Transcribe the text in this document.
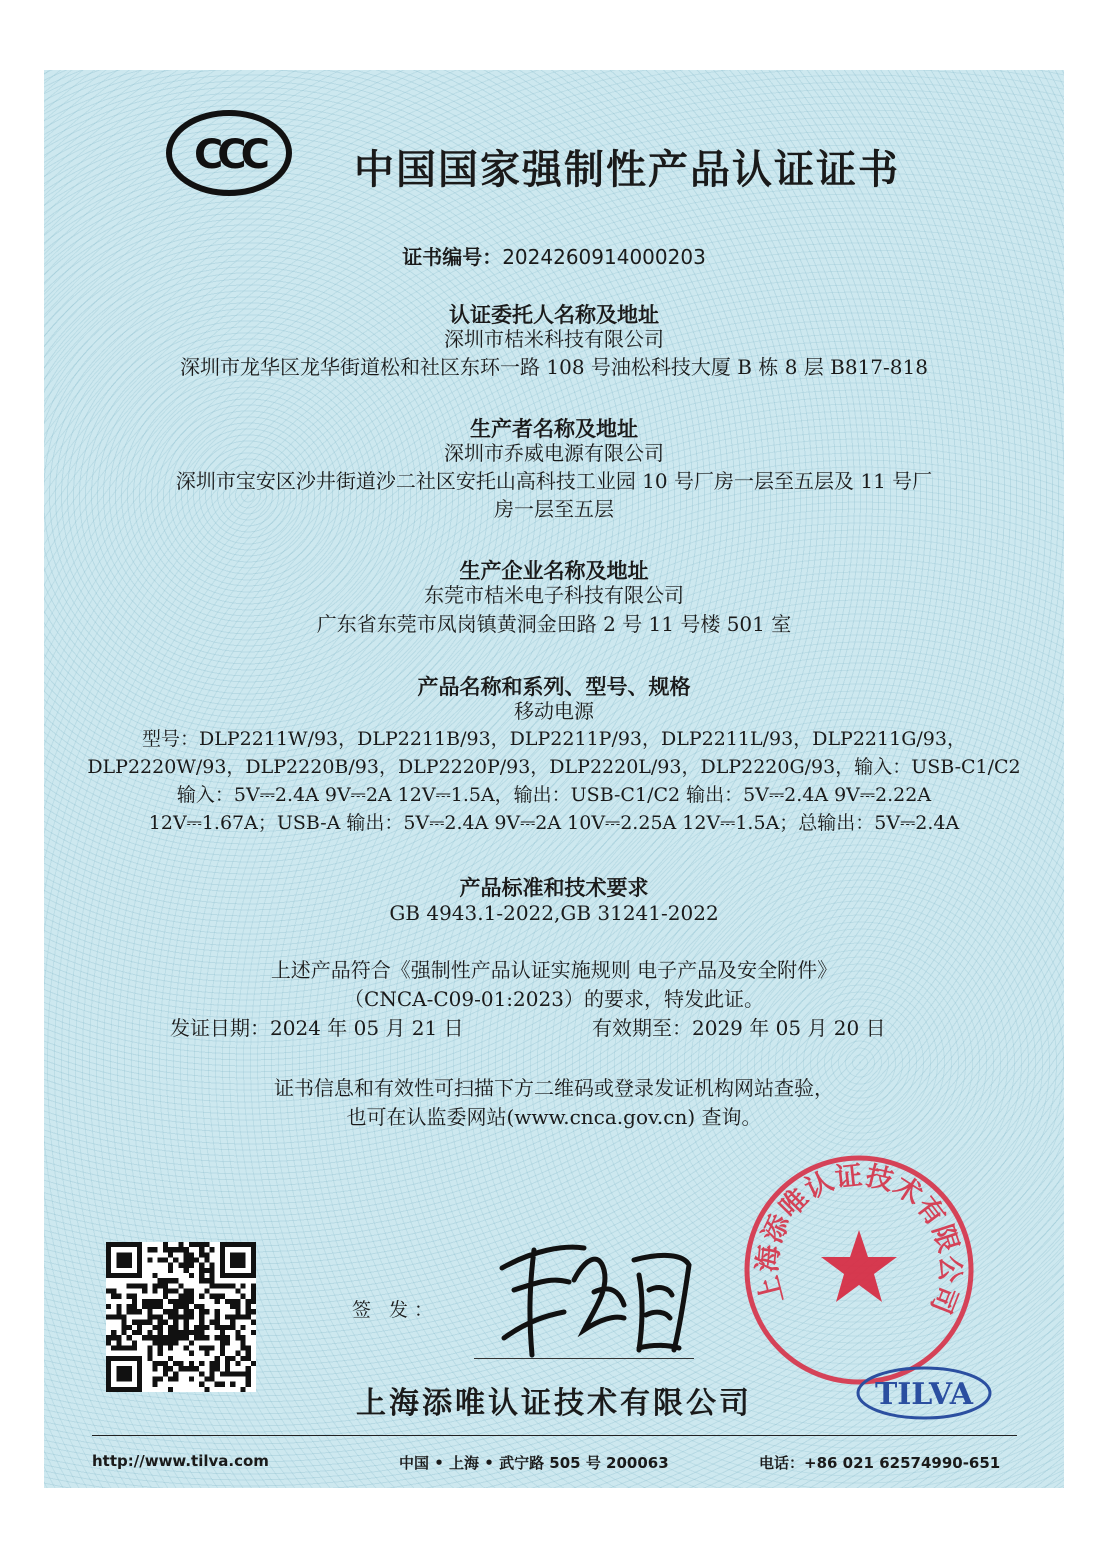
CCC 中国国家强制性产品认证证书
证书编号：2024260914000203
认证委托人名称及地址
深圳市桔米科技有限公司
深圳市龙华区龙华街道松和社区东环一路 108 号油松科技大厦 B 栋 8 层 B817-818
生产者名称及地址
深圳市乔威电源有限公司
深圳市宝安区沙井街道沙二社区安托山高科技工业园 10 号厂房一层至五层及 11 号厂
房一层至五层
生产企业名称及地址
东莞市桔米电子科技有限公司
广东省东莞市凤岗镇黄洞金田路 2 号 11 号楼 501 室
产品名称和系列、型号、规格
移动电源
型号：DLP2211W/93，DLP2211B/93，DLP2211P/93，DLP2211L/93，DLP2211G/93，
DLP2220W/93，DLP2220B/93，DLP2220P/93，DLP2220L/93，DLP2220G/93，输入：USB-C1/C2
输入：5V⎓2.4A 9V⎓2A 12V⎓1.5A，输出：USB-C1/C2 输出：5V⎓2.4A 9V⎓2.22A
12V⎓1.67A；USB-A 输出：5V⎓2.4A 9V⎓2A 10V⎓2.25A 12V⎓1.5A；总输出：5V⎓2.4A
产品标准和技术要求
GB 4943.1-2022,GB 31241-2022
上述产品符合《强制性产品认证实施规则 电子产品及安全附件》
（CNCA-C09-01:2023）的要求，特发此证。
发证日期：2024 年 05 月 21 日	有效期至：2029 年 05 月 20 日
证书信息和有效性可扫描下方二维码或登录发证机构网站查验，
也可在认监委网站(www.cnca.gov.cn) 查询。
签 发：
上海添唯认证技术有限公司
上海添唯认证技术有限公司	TILVA
http://www.tilva.com	中国 • 上海 • 武宁路 505 号 200063	电话：+86 021 62574990-651
